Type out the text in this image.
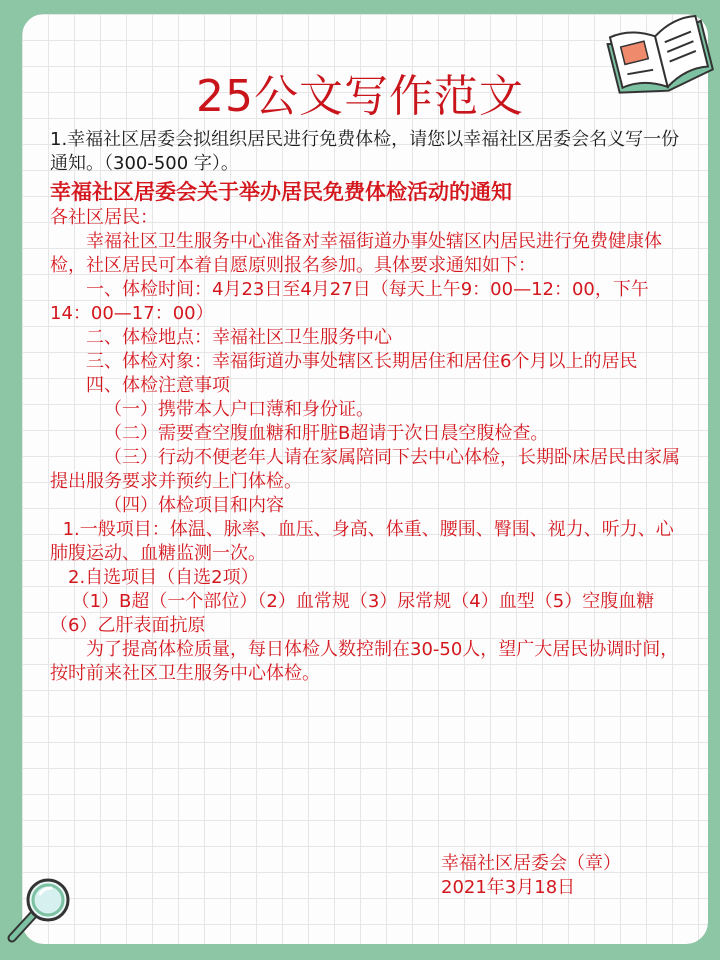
25公文写作范文
1.幸福社区居委会拟组织居民进行免费体检，请您以幸福社区居委会名义写一份通知。（300-500 字）。
幸福社区居委会关于举办居民免费体检活动的通知
各社区居民：
幸福社区卫生服务中心准备对幸福街道办事处辖区内居民进行免费健康体检，社区居民可本着自愿原则报名参加。具体要求通知如下：
一、体检时间：4月23日至4月27日（每天上午9：00—12：00，下午14：00—17：00）
二、体检地点：幸福社区卫生服务中心
三、体检对象：幸福街道办事处辖区长期居住和居住6个月以上的居民
四、体检注意事项
（一）携带本人户口薄和身份证。
（二）需要查空腹血糖和肝脏B超请于次日晨空腹检查。
（三）行动不便老年人请在家属陪同下去中心体检，长期卧床居民由家属提出服务要求并预约上门体检。
（四）体检项目和内容
1.一般项目：体温、脉率、血压、身高、体重、腰围、臀围、视力、听力、心肺腹运动、血糖监测一次。
2.自选项目（自选2项）
（1）B超（一个部位）（2）血常规（3）尿常规（4）血型（5）空腹血糖（6）乙肝表面抗原
为了提高体检质量，每日体检人数控制在30-50人，望广大居民协调时间，按时前来社区卫生服务中心体检。
幸福社区居委会（章）
2021年3月18日
